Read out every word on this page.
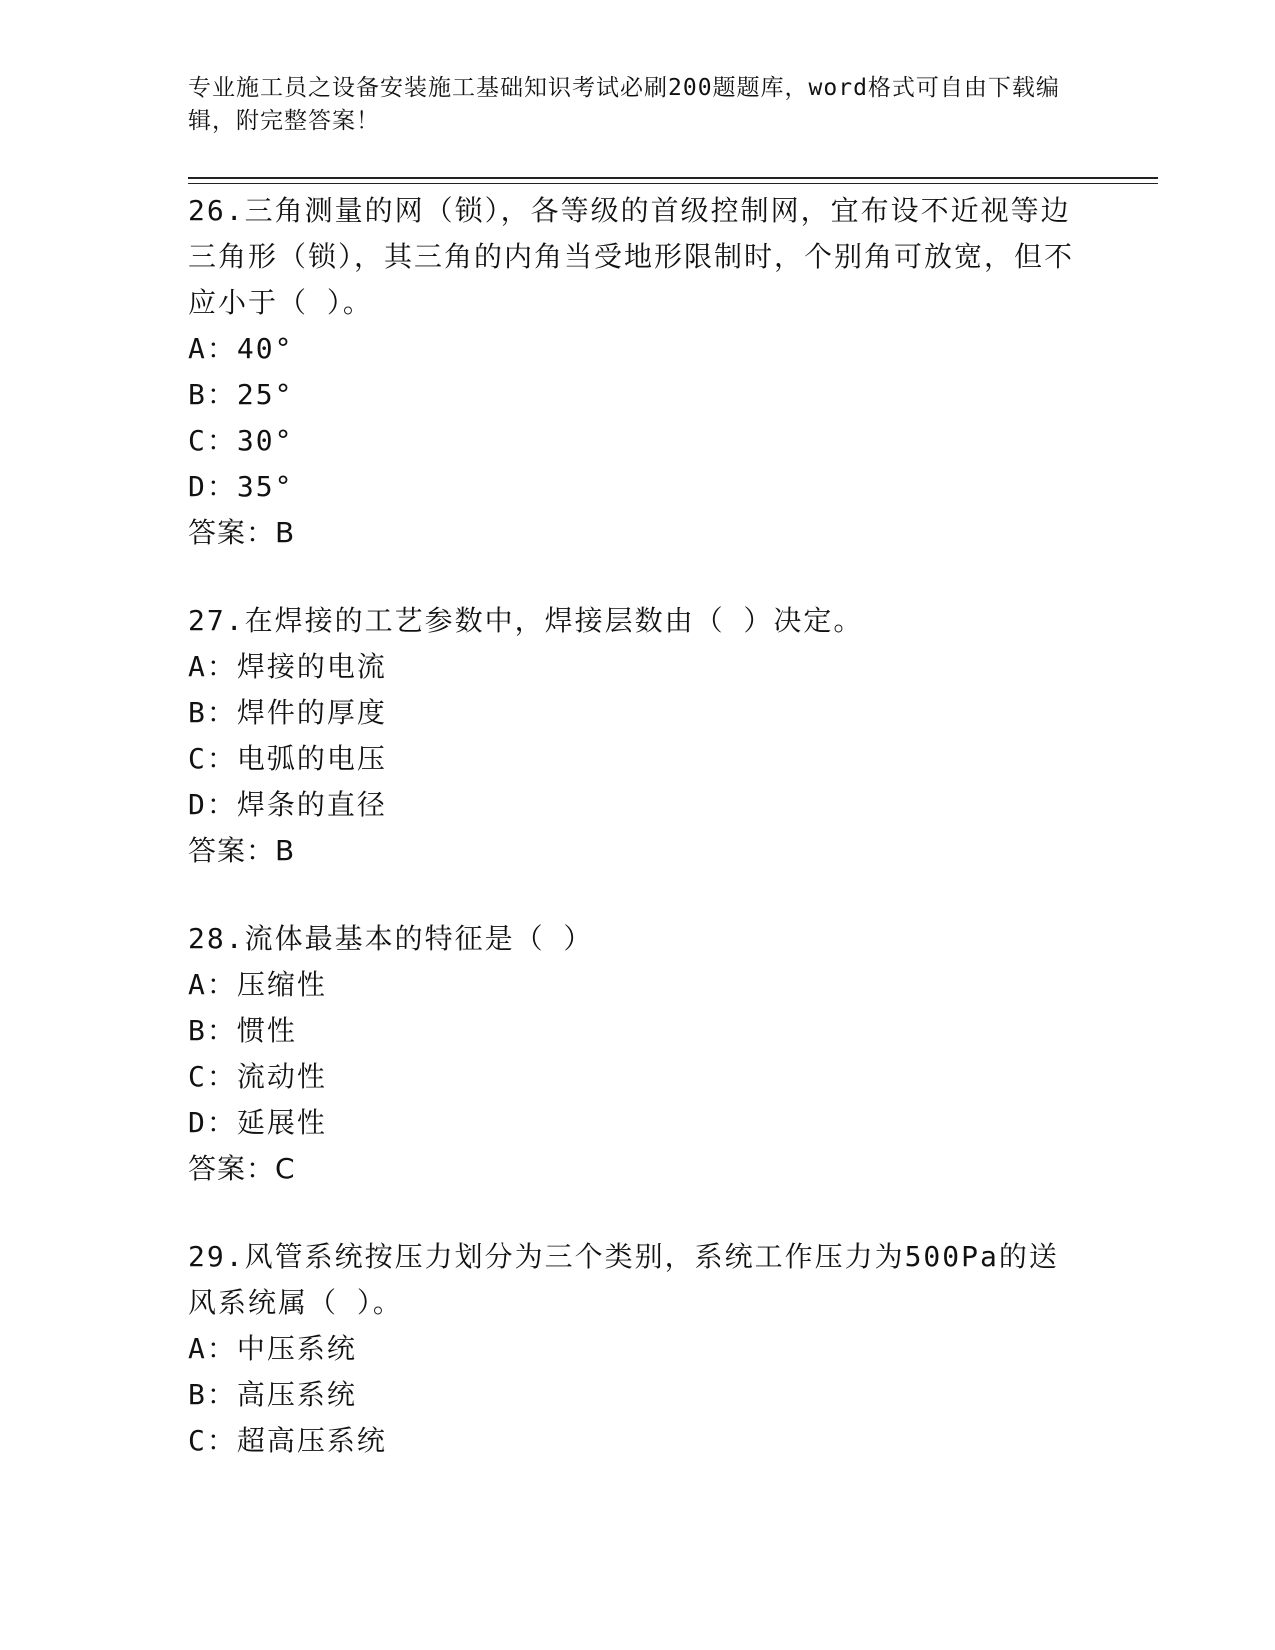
专业施工员之设备安装施工基础知识考试必刷200题题库，word格式可自由下载编辑，附完整答案！
26.三角测量的网（锁），各等级的首级控制网，宜布设不近视等边三角形（锁），其三角的内角当受地形限制时，个别角可放宽，但不应小于（ ）。
A：40°
B：25°
C：30°
D：35°
答案：B
27.在焊接的工艺参数中，焊接层数由（ ）决定。
A：焊接的电流
B：焊件的厚度
C：电弧的电压
D：焊条的直径
答案：B
28.流体最基本的特征是（ ）
A：压缩性
B：惯性
C：流动性
D：延展性
答案：C
29.风管系统按压力划分为三个类别，系统工作压力为500Pa的送风系统属（ ）。
A：中压系统
B：高压系统
C：超高压系统
